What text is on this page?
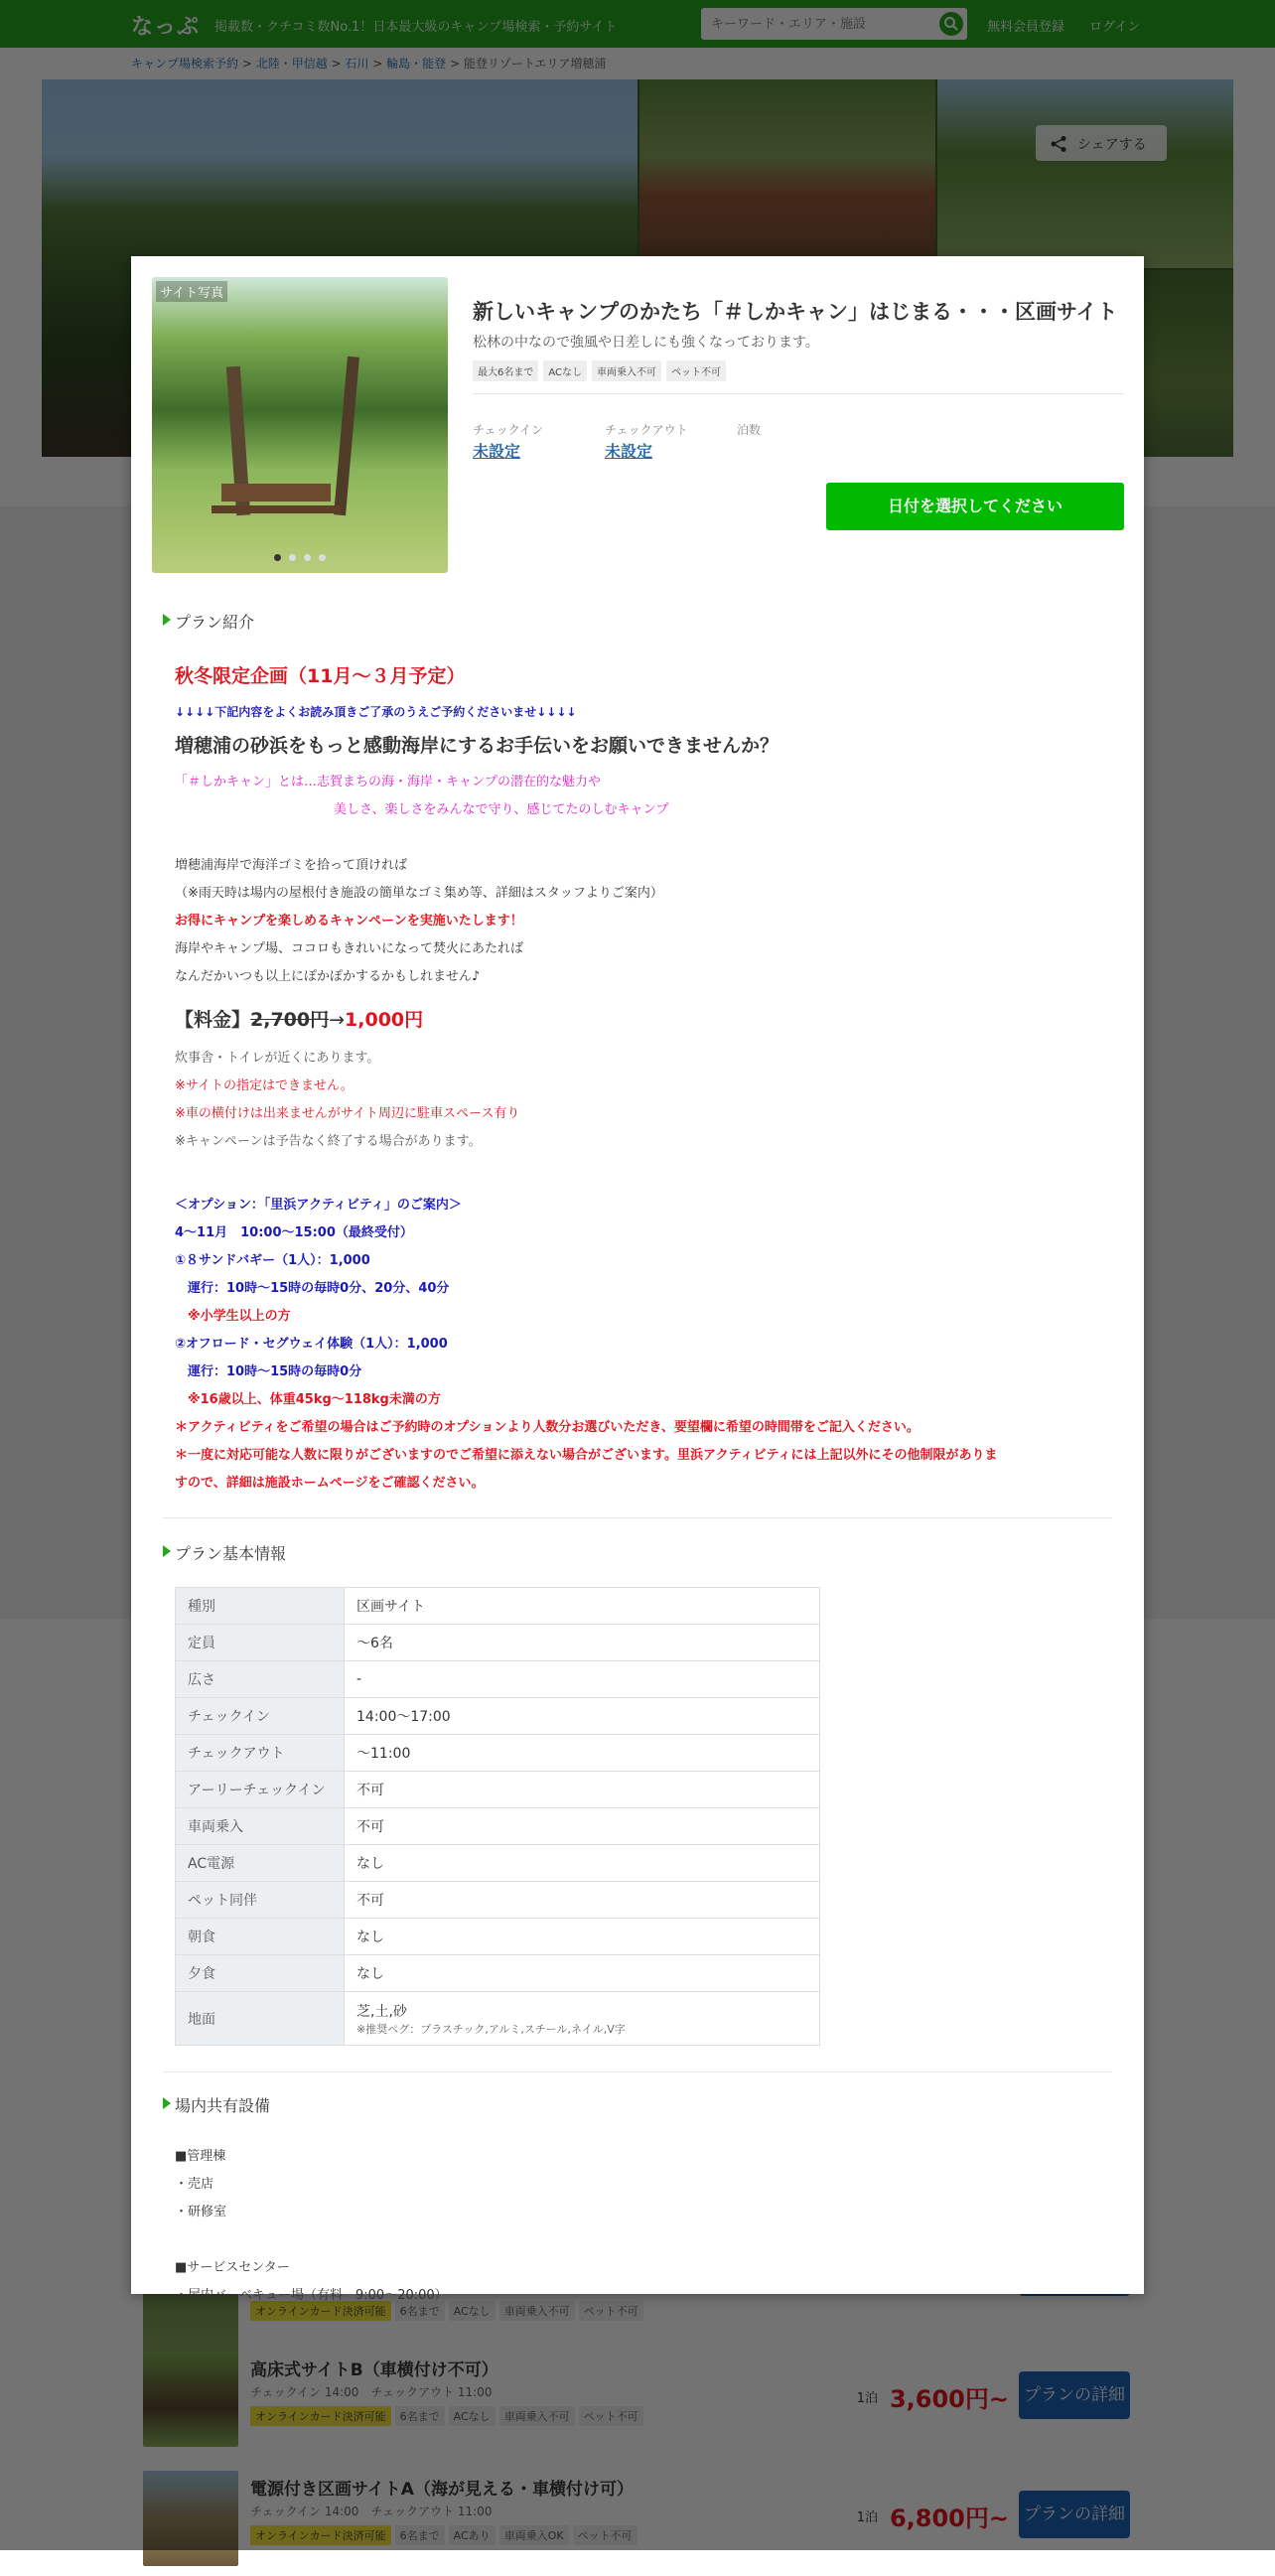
キーワード・エリア・施設
サイト写真
新しいキャンプのかたち「＃しかキャン」はじまる・・・区画サイト
松林の中なので強風や日差しにも強くなっております。
最大6名まで ACなし 車両乗入不可 ペット不可
チェックイン
未設定
チェックアウト
未設定
泊数
日付を選択してください
プラン紹介
秋冬限定企画（11月～３月予定）
↓↓↓↓下記内容をよくお読み頂きご了承のうえご予約くださいませ↓↓↓↓
増穂浦の砂浜をもっと感動海岸にするお手伝いをお願いできませんか？
「＃しかキャン」とは…志賀まちの海・海岸・キャンプの潜在的な魅力や
美しさ、楽しさをみんなで守り、感じてたのしむキャンプ
増穂浦海岸で海洋ゴミを拾って頂ければ
（※雨天時は場内の屋根付き施設の簡単なゴミ集め等、詳細はスタッフよりご案内）
お得にキャンプを楽しめるキャンペーンを実施いたします！
海岸やキャンプ場、ココロもきれいになって焚火にあたれば
なんだかいつも以上にぽかぽかするかもしれません♪
【料金】2,700円→1,000円
炊事舎・トイレが近くにあります。
※サイトの指定はできません。
※車の横付けは出来ませんがサイト周辺に駐車スペース有り
※キャンペーンは予告なく終了する場合があります。
＜オプション：「里浜アクティビティ」のご案内＞
4～11月　10:00～15:00（最終受付）
①８サンドバギー（1人）：1,000
　運行：10時～15時の毎時0分、20分、40分
　※小学生以上の方
②オフロード・セグウェイ体験（1人）：1,000
　運行：10時～15時の毎時0分
　※16歳以上、体重45kg～118kg未満の方
＊アクティビティをご希望の場合はご予約時のオプションより人数分お選びいただき、要望欄に希望の時間帯をご記入ください。
＊一度に対応可能な人数に限りがございますのでご希望に添えない場合がございます。里浜アクティビティには上記以外にその他制限がありま
すので、詳細は施設ホームページをご確認ください。
プラン基本情報
種別	区画サイト
定員	〜6名
広さ	-
チェックイン	14:00〜17:00
チェックアウト	〜11:00
アーリーチェックイン	不可
車両乗入	不可
AC電源	なし
ペット同伴	不可
朝食	なし
夕食	なし
地面	芝,土,砂
※推奨ペグ：プラスチック,アルミ,スチール,ネイル,V字
場内共有設備
■管理棟
・売店
・研修室
■サービスセンター
・屋内バーベキュー場（有料　9:00～20:00）
